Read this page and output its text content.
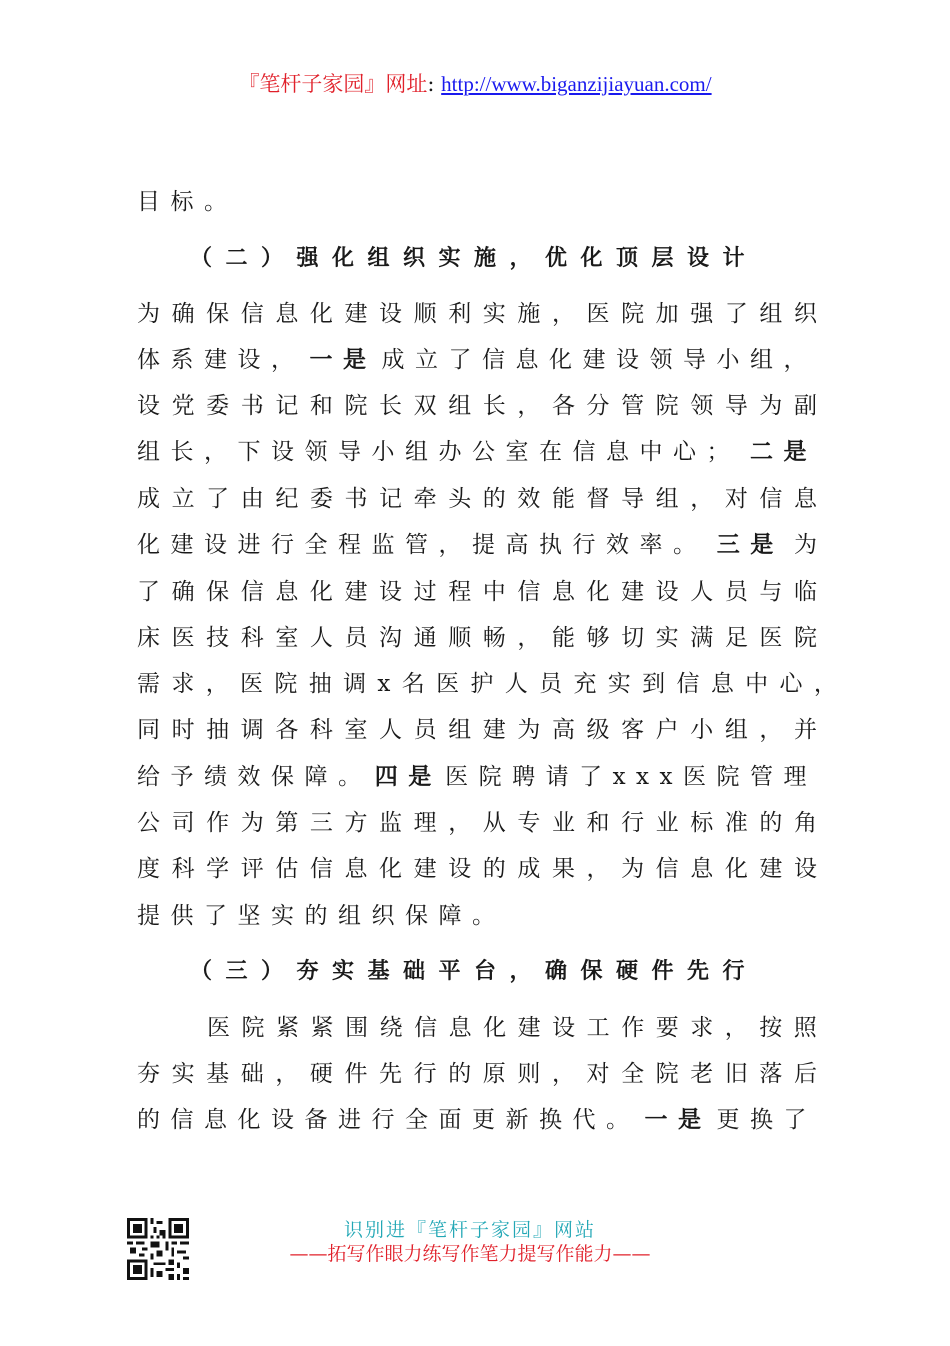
『笔杆子家园』网址: http://www.biganzijiayuan.com/
目标。
（二）强化组织实施，优化顶层设计
为 确 保 信 息 化 建 设 顺 利 实 施 ， 医 院 加 强 了 组 织
体系建设， 一是 成立了信息化建设领导小组，
设 党 委 书 记 和 院 长 双 组 长 ， 各 分 管 院 领 导 为 副
组长，下设领导小组办公室在信息中心； 二是
成 立 了 由 纪 委 书 记 牵 头 的 效 能 督 导 组 ， 对 信 息
化建设进行全程监管，提高执行效率。 三是 为
了 确 保 信 息 化 建 设 过 程 中 信 息 化 建 设 人 员 与 临
床 医 技 科 室 人 员 沟 通 顺 畅 ， 能 够 切 实 满 足 医 院
需 求 ， 医 院 抽 调 x 名 医 护 人 员 充 实 到 信 息 中 心 ，
同 时 抽 调 各 科 室 人 员 组 建 为 高 级 客 户 小 组 ， 并
给予绩效保障。 四是 医院聘请了xxx医院管理
公 司 作 为 第 三 方 监 理 ， 从 专 业 和 行 业 标 准 的 角
度 科 学 评 估 信 息 化 建 设 的 成 果 ， 为 信 息 化 建 设
提供了坚实的组织保障。
（三）夯实基础平台，确保硬件先行
医 院 紧 紧 围 绕 信 息 化 建 设 工 作 要 求 ， 按 照
夯 实 基 础 ， 硬 件 先 行 的 原 则 ， 对 全 院 老 旧 落 后
的信息化设备进行全面更新换代。 一是 更换了
识别进『笔杆子家园』网站
——拓写作眼力练写作笔力提写作能力——
